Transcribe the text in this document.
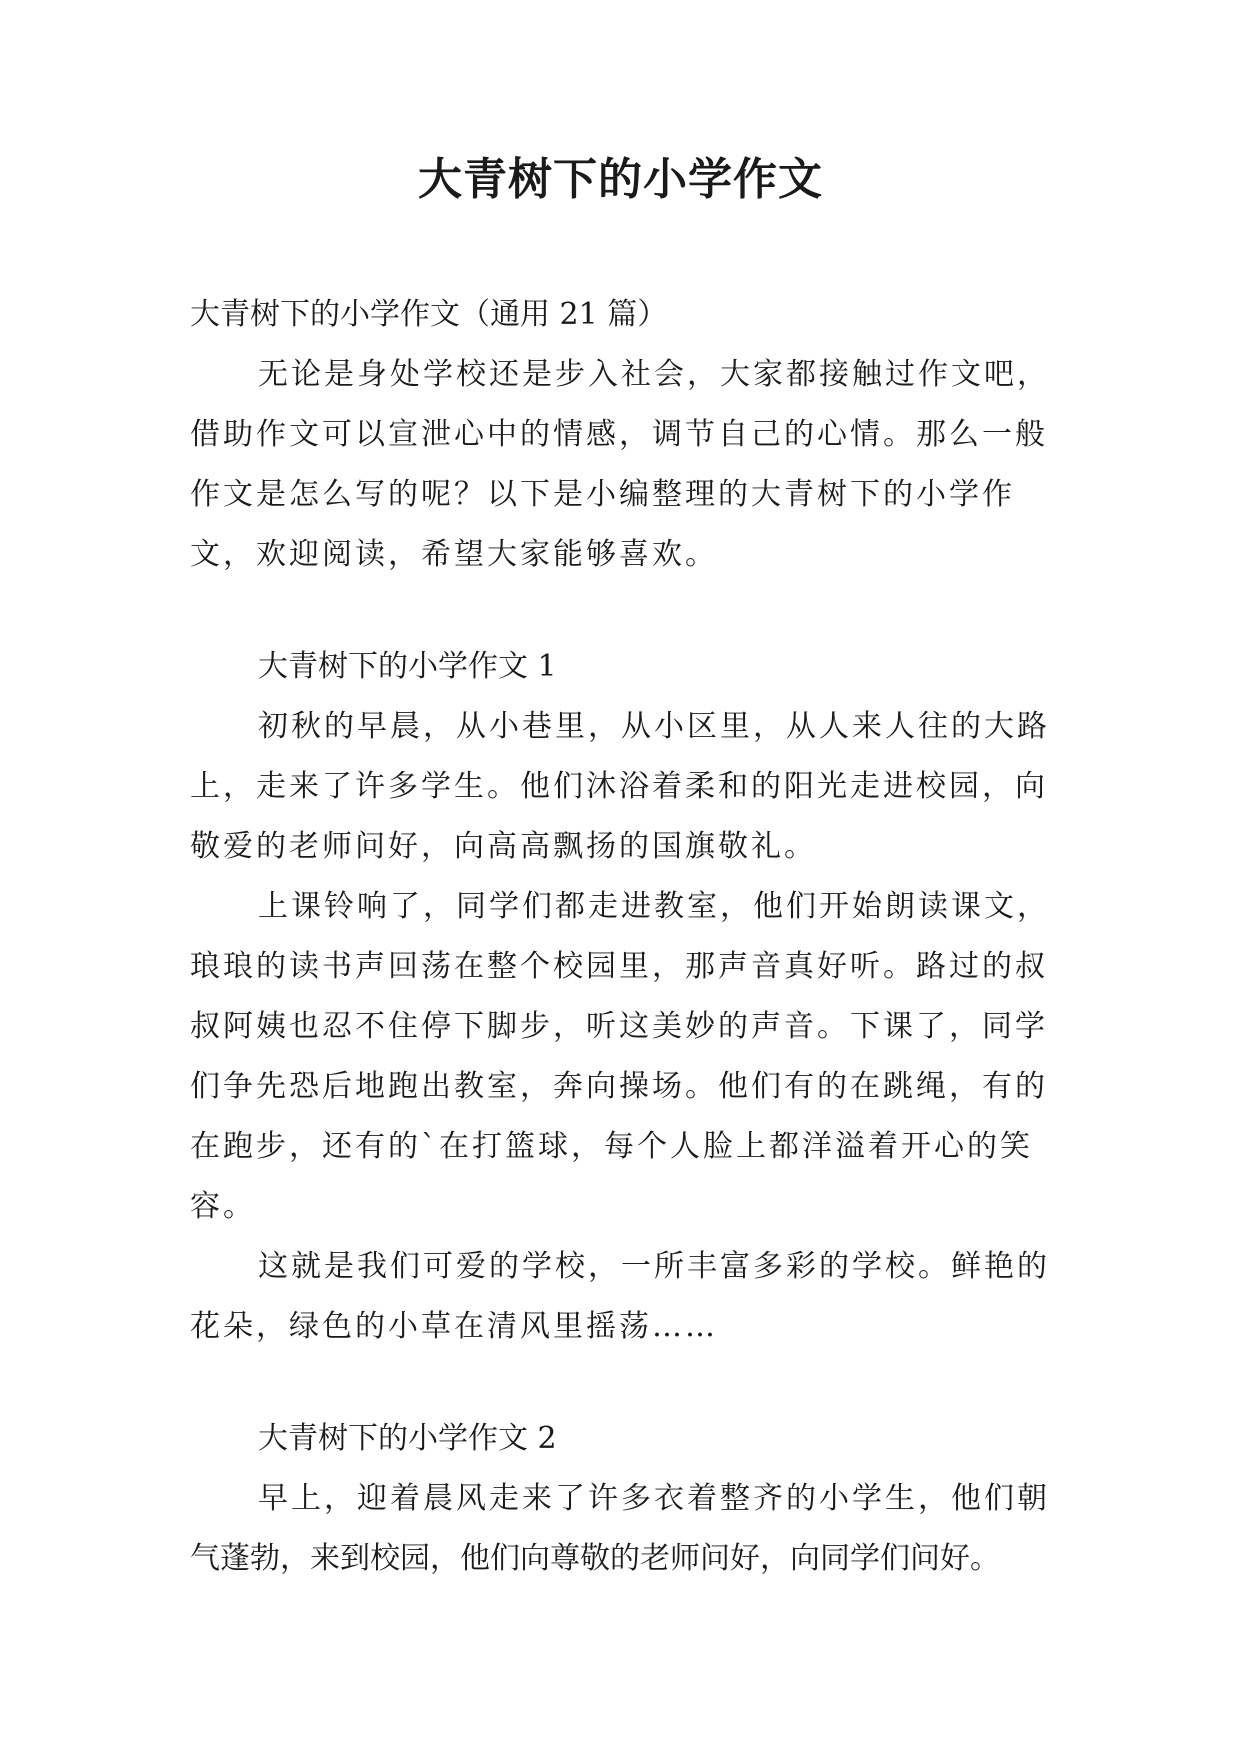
大青树下的小学作文
大青树下的小学作文（通用 21 篇）
无论是身处学校还是步入社会，大家都接触过作文吧，
借助作文可以宣泄心中的情感，调节自己的心情。那么一般
作文是怎么写的呢？以下是小编整理的大青树下的小学作
文，欢迎阅读，希望大家能够喜欢。
大青树下的小学作文 1
初秋的早晨，从小巷里，从小区里，从人来人往的大路
上，走来了许多学生。他们沐浴着柔和的阳光走进校园，向
敬爱的老师问好，向高高飘扬的国旗敬礼。
上课铃响了，同学们都走进教室，他们开始朗读课文，
琅琅的读书声回荡在整个校园里，那声音真好听。路过的叔
叔阿姨也忍不住停下脚步，听这美妙的声音。下课了，同学
们争先恐后地跑出教室，奔向操场。他们有的在跳绳，有的
在跑步，还有的`在打篮球，每个人脸上都洋溢着开心的笑
容。
这就是我们可爱的学校，一所丰富多彩的学校。鲜艳的
花朵，绿色的小草在清风里摇荡……
大青树下的小学作文 2
早上，迎着晨风走来了许多衣着整齐的小学生，他们朝
气蓬勃，来到校园，他们向尊敬的老师问好，向同学们问好。
